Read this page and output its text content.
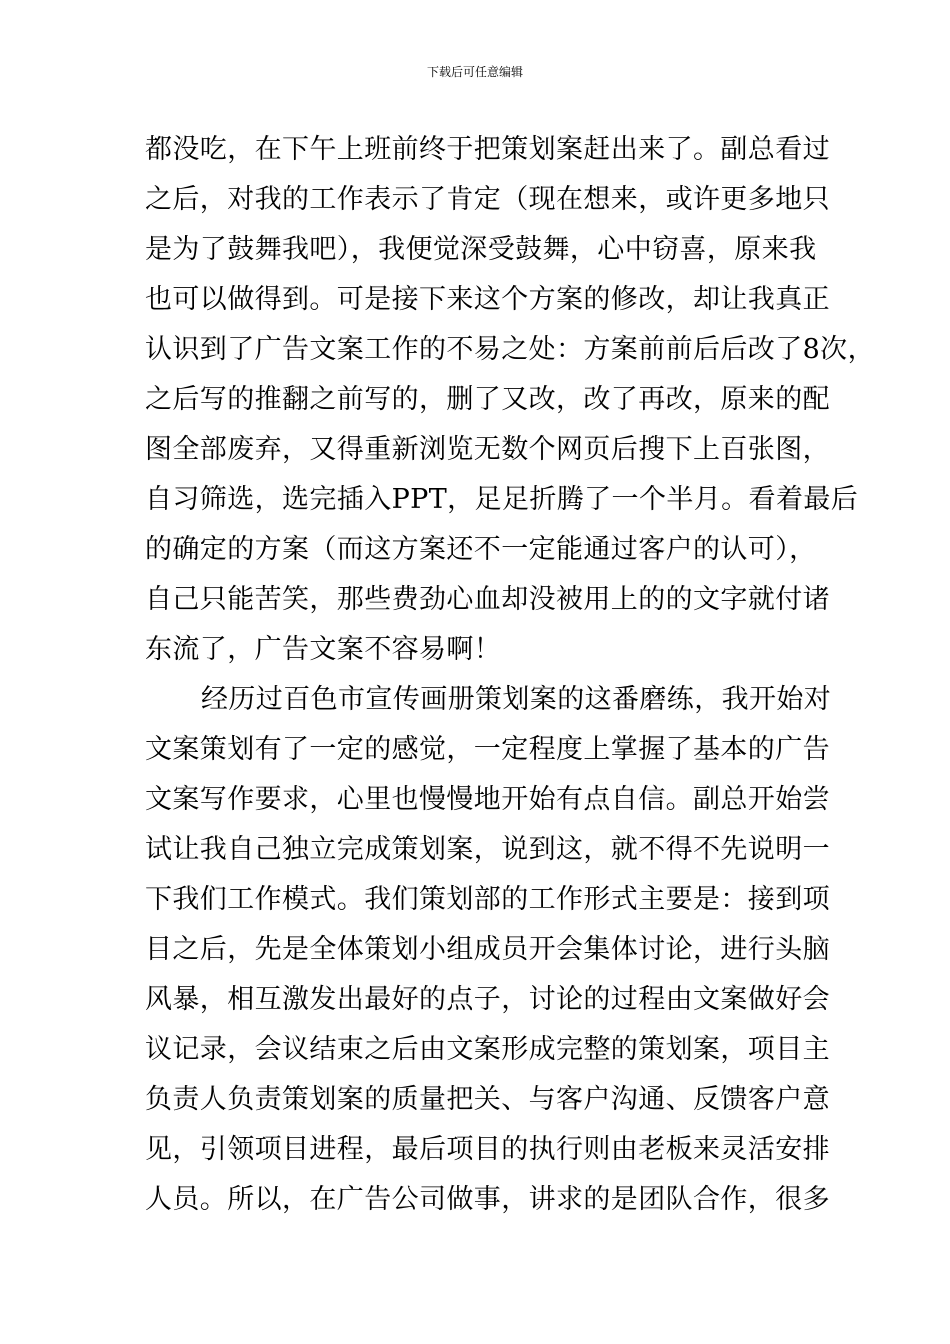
下载后可任意编辑
都没吃，在下午上班前终于把策划案赶出来了。副总看过
之后，对我的工作表示了肯定（现在想来，或许更多地只
是为了鼓舞我吧），我便觉深受鼓舞，心中窃喜，原来我
也可以做得到。可是接下来这个方案的修改，却让我真正
认识到了广告文案工作的不易之处：方案前前后后改了8次，
之后写的推翻之前写的，删了又改，改了再改，原来的配
图全部废弃，又得重新浏览无数个网页后搜下上百张图，
自习筛选，选完插入PPT，足足折腾了一个半月。看着最后
的确定的方案（而这方案还不一定能通过客户的认可），
自己只能苦笑，那些费劲心血却没被用上的的文字就付诸
东流了，广告文案不容易啊！
经历过百色市宣传画册策划案的这番磨练，我开始对
文案策划有了一定的感觉，一定程度上掌握了基本的广告
文案写作要求，心里也慢慢地开始有点自信。副总开始尝
试让我自己独立完成策划案，说到这，就不得不先说明一
下我们工作模式。我们策划部的工作形式主要是：接到项
目之后，先是全体策划小组成员开会集体讨论，进行头脑
风暴，相互激发出最好的点子，讨论的过程由文案做好会
议记录，会议结束之后由文案形成完整的策划案，项目主
负责人负责策划案的质量把关、与客户沟通、反馈客户意
见，引领项目进程，最后项目的执行则由老板来灵活安排
人员。所以，在广告公司做事，讲求的是团队合作，很多
